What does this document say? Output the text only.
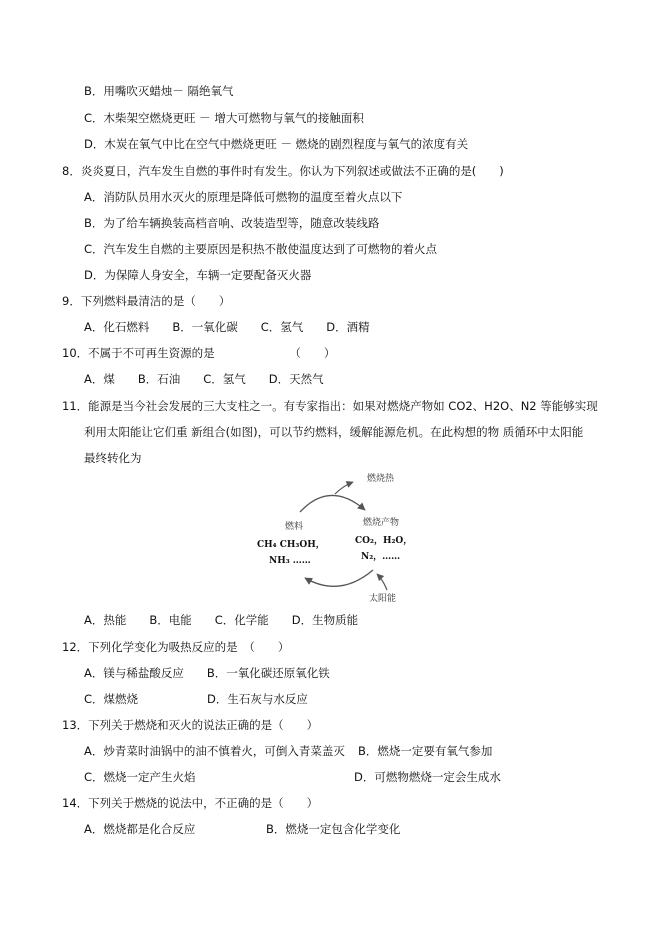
B．用嘴吹灭蜡烛－ 隔绝氧气
C．木柴架空燃烧更旺 － 增大可燃物与氧气的接触面积
D．木炭在氧气中比在空气中燃烧更旺 － 燃烧的剧烈程度与氧气的浓度有关
8．炎炎夏日，汽车发生自燃的事件时有发生。你认为下列叙述或做法不正确的是(　　)
A．消防队员用水灭火的原理是降低可燃物的温度至着火点以下
B．为了给车辆换装高档音响、改装造型等，随意改装线路
C．汽车发生自燃的主要原因是积热不散使温度达到了可燃物的着火点
D．为保障人身安全，车辆一定要配备灭火器
9．下列燃料最清洁的是（　　）
A．化石燃料　　B．一氧化碳　　C．氢气　　D．酒精
10．不属于不可再生资源的是　　　　　　　（　　）
A．煤　　B．石油　　C．氢气　　D．天然气
11．能源是当今社会发展的三大支柱之一。有专家指出：如果对燃烧产物如 CO2、H2O、N2 等能够实现
利用太阳能让它们重 新组合(如图)，可以节约燃料，缓解能源危机。在此构想的物 质循环中太阳能
最终转化为
燃烧热
燃料	燃烧产物
CH₄ CH₃OH，
NH₃ ……
CO₂，H₂O，
N₂，……
太阳能
A．热能　　B．电能　　C．化学能　　D．生物质能
12．下列化学变化为吸热反应的是　（　　）
A．镁与稀盐酸反应　　B．一氧化碳还原氧化铁
C．煤燃烧　　　　　　D．生石灰与水反应
13．下列关于燃烧和灭火的说法正确的是（　　）
A．炒青菜时油锅中的油不慎着火，可倒入青菜盖灭 B．燃烧一定要有氧气参加
C．燃烧一定产生火焰	D．可燃物燃烧一定会生成水
14．下列关于燃烧的说法中，不正确的是（　　）
A．燃烧都是化合反应	B．燃烧一定包含化学变化
